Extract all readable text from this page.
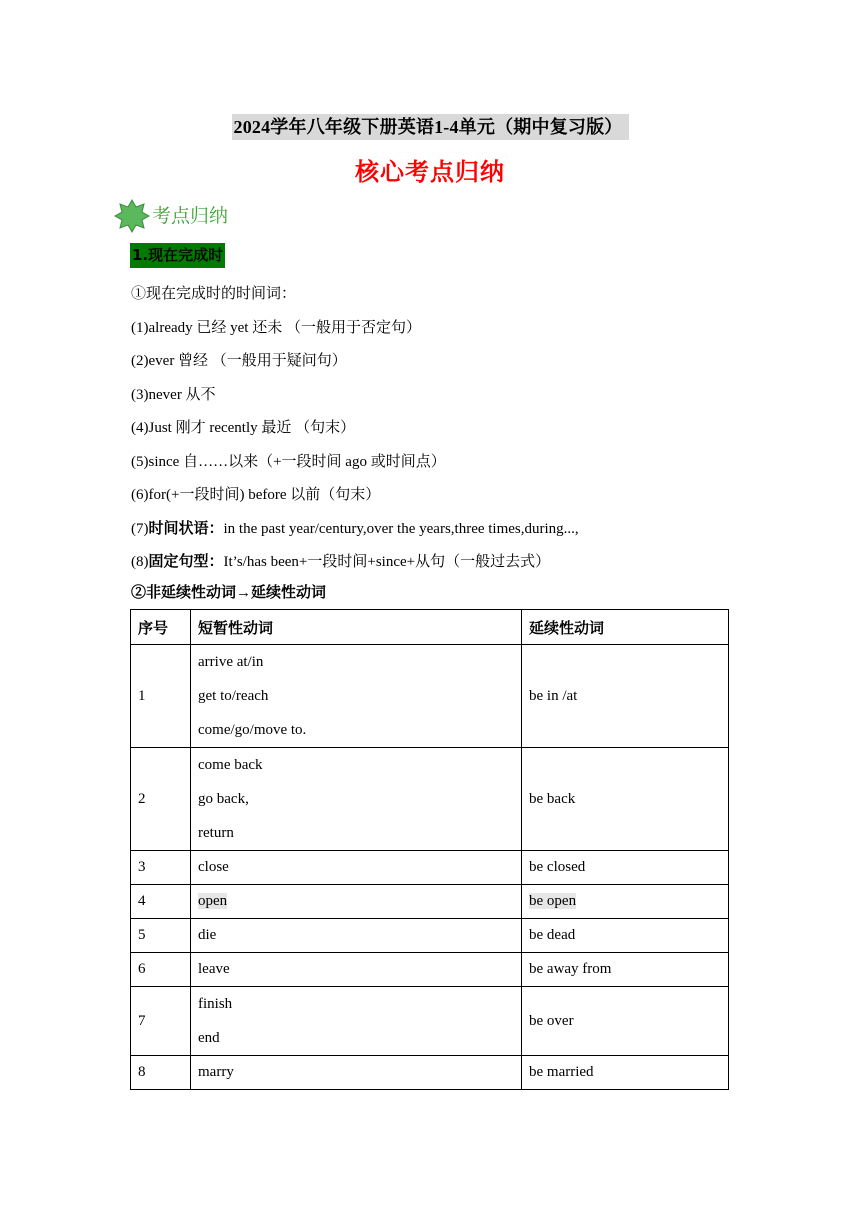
2024学年八年级下册英语1-4单元（期中复习版）
核心考点归纳
考点归纳
1.现在完成时
①现在完成时的时间词：
(1)already 已经 yet 还未 （一般用于否定句）
(2)ever 曾经 （一般用于疑问句）
(3)never 从不
(4)Just 刚才 recently 最近 （句末）
(5)since 自……以来（+一段时间 ago 或时间点）
(6)for(+一段时间) before 以前（句末）
(7)时间状语：in the past year/century,over the years,three times,during...,
(8)固定句型：It’s/has been+一段时间+since+从句（一般过去式）
②非延续性动词→延续性动词
序号	短暂性动词	延续性动词
1	arrive at/in
get to/reach
come/go/move to.	be in /at
2	come back
go back,
return	be back
3	close	be closed
4	open	be open
5	die	be dead
6	leave	be away from
7	finish
end	be over
8	marry	be married
